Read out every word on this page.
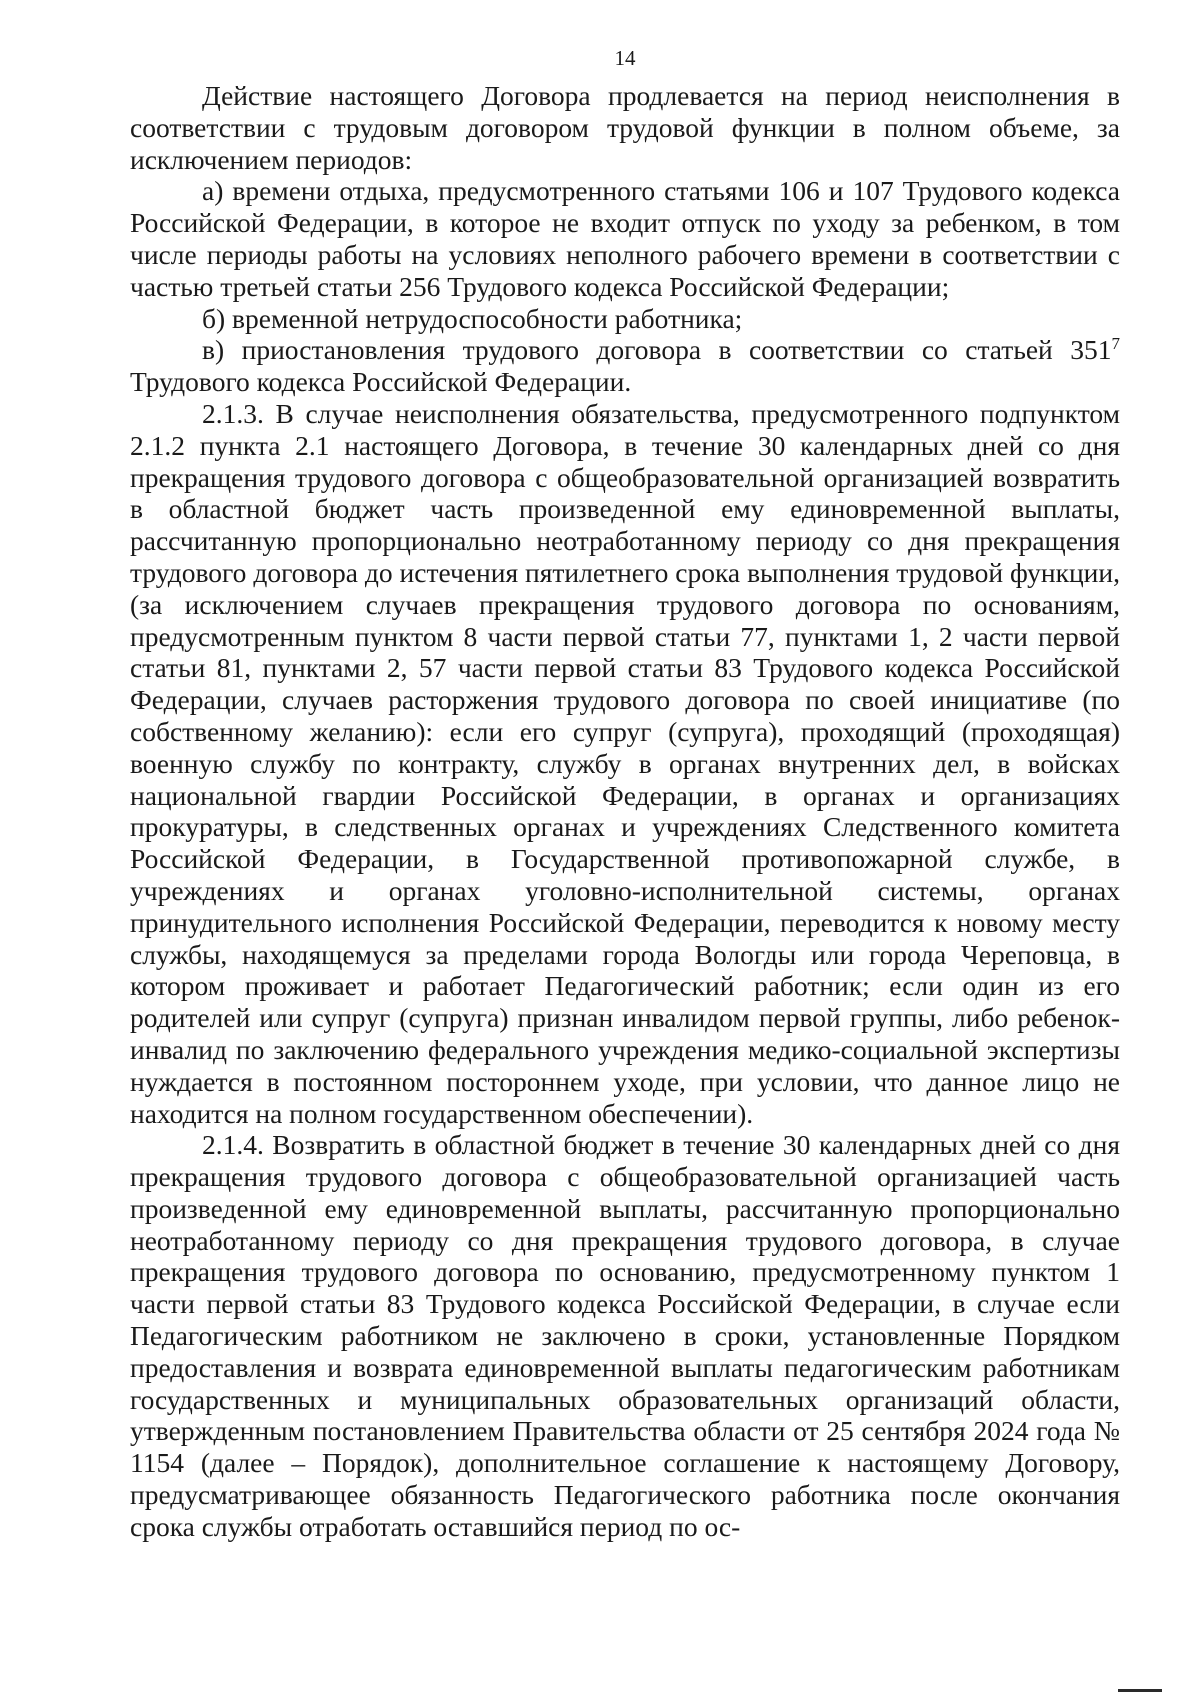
14

Действие настоящего Договора продлевается на период неисполнения в соответствии с трудовым договором трудовой функции в полном объеме, за исключением периодов:

а) времени отдыха, предусмотренного статьями 106 и 107 Трудового кодекса Российской Федерации, в которое не входит отпуск по уходу за ребенком, в том числе периоды работы на условиях неполного рабочего времени в соответствии с частью третьей статьи 256 Трудового кодекса Российской Федерации;

б) временной нетрудоспособности работника;

в) приостановления трудового договора в соответствии со статьей $351^7$ Трудового кодекса Российской Федерации.

2.1.3. В случае неисполнения обязательства, предусмотренного подпунктом 2.1.2 пункта 2.1 настоящего Договора, в течение 30 календарных дней со дня прекращения трудового договора с общеобразовательной организацией возвратить в областной бюджет часть произведенной ему единовременной выплаты, рассчитанную пропорционально неотработанному периоду со дня прекращения трудового договора до истечения пятилетнего срока выполнения трудовой функции, (за исключением случаев прекращения трудового договора по основаниям, предусмотренным пунктом 8 части первой статьи 77, пунктами 1, 2 части первой статьи 81, пунктами 2, 57 части первой статьи 83 Трудового кодекса Российской Федерации, случаев расторжения трудового договора по своей инициативе (по собственному желанию): если его супруг (супруга), проходящий (проходящая) военную службу по контракту, службу в органах внутренних дел, в войсках национальной гвардии Российской Федерации, в органах и организациях прокуратуры, в следственных органах и учреждениях Следственного комитета Российской Федерации, в Государственной противопожарной службе, в учреждениях и органах уголовно-исполнительной системы, органах принудительного исполнения Российской Федерации, переводится к новому месту службы, находящемуся за пределами города Вологды или города Череповца, в котором проживает и работает Педагогический работник; если один из его родителей или супруг (супруга) признан инвалидом первой группы, либо ребенок-инвалид по заключению федерального учреждения медико-социальной экспертизы нуждается в постоянном постороннем уходе, при условии, что данное лицо не находится на полном государственном обеспечении).

2.1.4. Возвратить в областной бюджет в течение 30 календарных дней со дня прекращения трудового договора с общеобразовательной организацией часть произведенной ему единовременной выплаты, рассчитанную пропорционально неотработанному периоду со дня прекращения трудового договора, в случае прекращения трудового договора по основанию, предусмотренному пунктом 1 части первой статьи 83 Трудового кодекса Российской Федерации, в случае если Педагогическим работником не заключено в сроки, установленные Порядком предоставления и возврата единовременной выплаты педагогическим работникам государственных и муниципальных образовательных организаций области, утвержденным постановлением Правительства области от 25 сентября 2024 года № 1154 (далее – Порядок), дополнительное соглашение к настоящему Договору, предусматривающее обязанность Педагогического работника после окончания срока службы отработать оставшийся период по ос-
